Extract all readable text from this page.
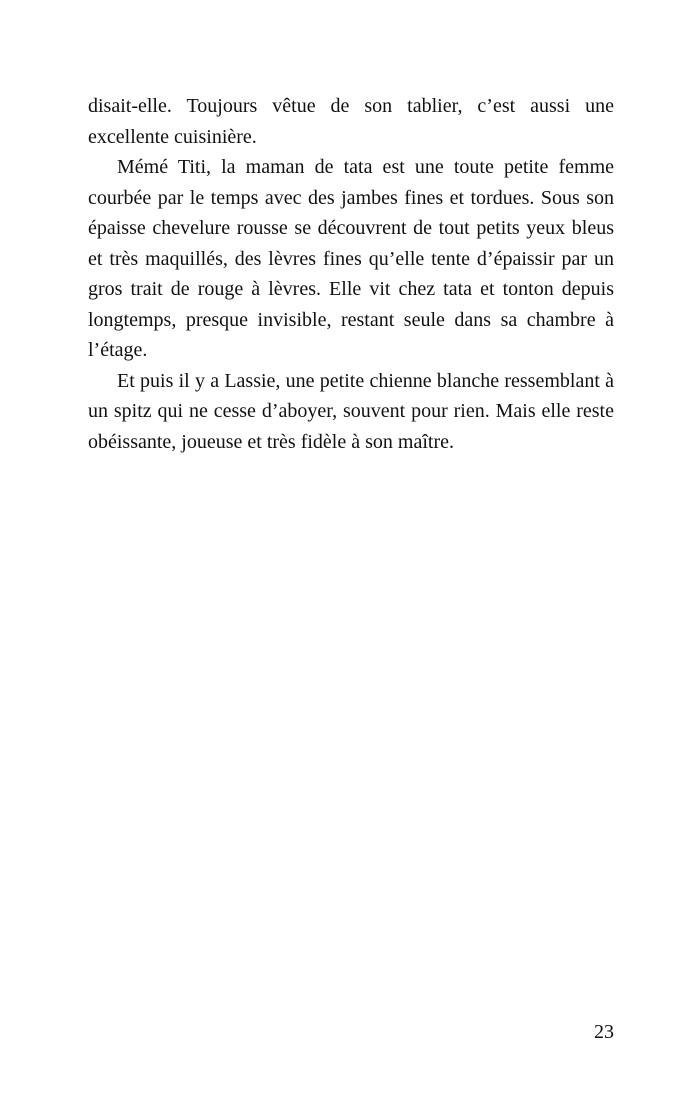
disait-elle. Toujours vêtue de son tablier, c’est aussi une excellente cuisinière.

Mémé Titi, la maman de tata est une toute petite femme courbée par le temps avec des jambes fines et tordues. Sous son épaisse chevelure rousse se découvrent de tout petits yeux bleus et très maquillés, des lèvres fines qu’elle tente d’épaissir par un gros trait de rouge à lèvres. Elle vit chez tata et tonton depuis longtemps, presque invisible, restant seule dans sa chambre à l’étage.

Et puis il y a Lassie, une petite chienne blanche ressemblant à un spitz qui ne cesse d’aboyer, souvent pour rien. Mais elle reste obéissante, joueuse et très fidèle à son maître.

23
